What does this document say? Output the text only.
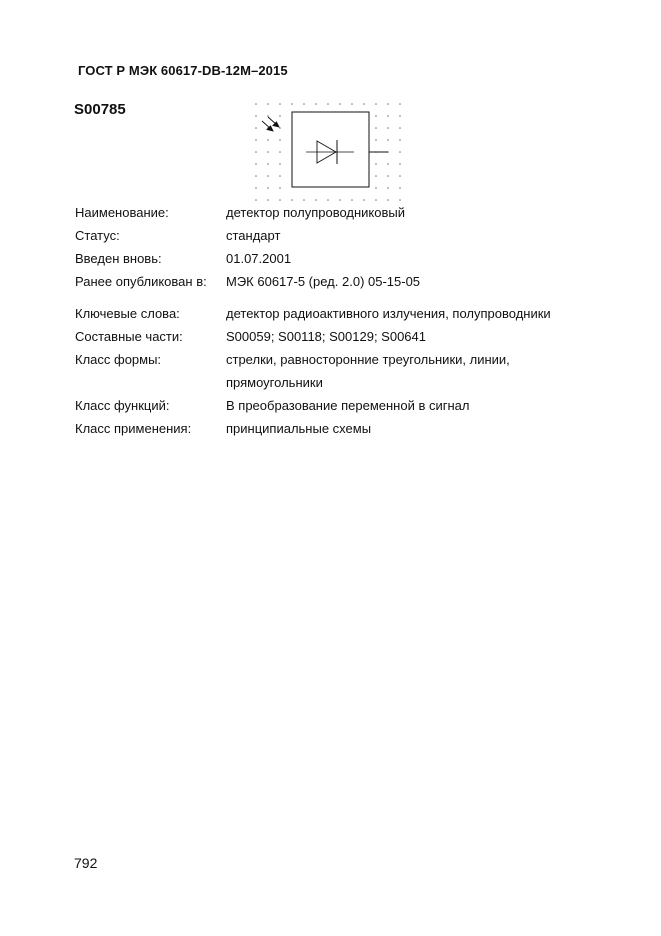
ГОСТ Р МЭК 60617-DB-12M–2015
S00785
Наименование:	детектор полупроводниковый
Статус:	стандарт
Введен вновь:	01.07.2001
Ранее опубликован в:	МЭК 60617-5 (ред. 2.0) 05-15-05
Ключевые слова:	детектор радиоактивного излучения, полупроводники
Составные части:	S00059; S00118; S00129; S00641
Класс формы:	стрелки, равносторонние треугольники, линии,
прямоугольники
Класс функций:	B преобразование переменной в сигнал
Класс применения:	принципиальные схемы
792
